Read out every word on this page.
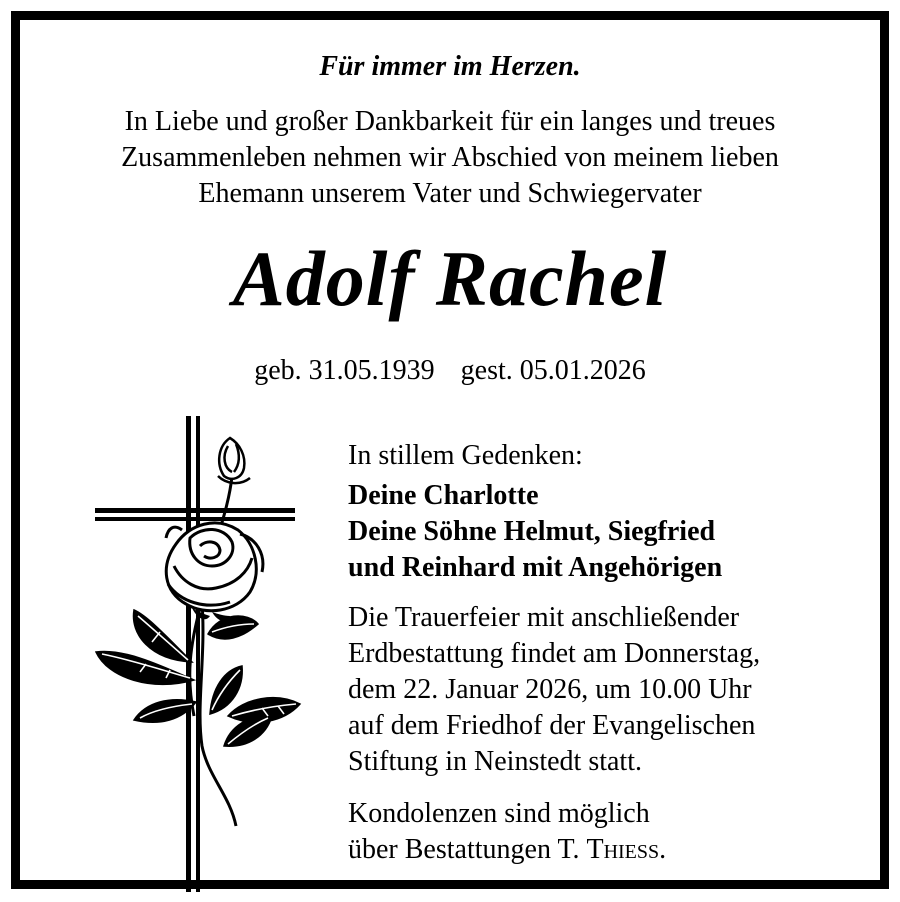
Für immer im Herzen.
In Liebe und großer Dankbarkeit für ein langes und treues
Zusammenleben nehmen wir Abschied von meinem lieben
Ehemann unserem Vater und Schwiegervater
Adolf Rachel
geb. 31.05.1939 gest. 05.01.2026
In stillem Gedenken:
Deine Charlotte
Deine Söhne Helmut, Siegfried
und Reinhard mit Angehörigen
Die Trauerfeier mit anschließender
Erdbestattung findet am Donnerstag,
dem 22. Januar 2026, um 10.00 Uhr
auf dem Friedhof der Evangelischen
Stiftung in Neinstedt statt.
Kondolenzen sind möglich
über Bestattungen T. Thieß.
